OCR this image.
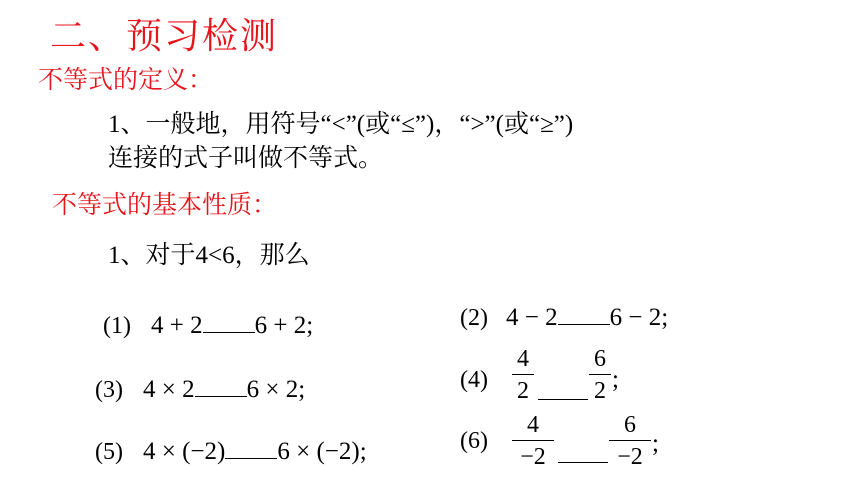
二、预习检测
不等式的定义：
1、一般地，用符号“<”(或“≤”)，“>”(或“≥”)
连接的式子叫做不等式。
不等式的基本性质：
1、对于4<6，那么
(1) 4 + 2 6 + 2;	(2) 4 − 2 6 − 2;
(3) 4 × 2 6 × 2;	(4)
4
2
6
2 ;
(5) 4 × (−2) 6 × (−2);	(6)
4
−2
6
−2 ;
